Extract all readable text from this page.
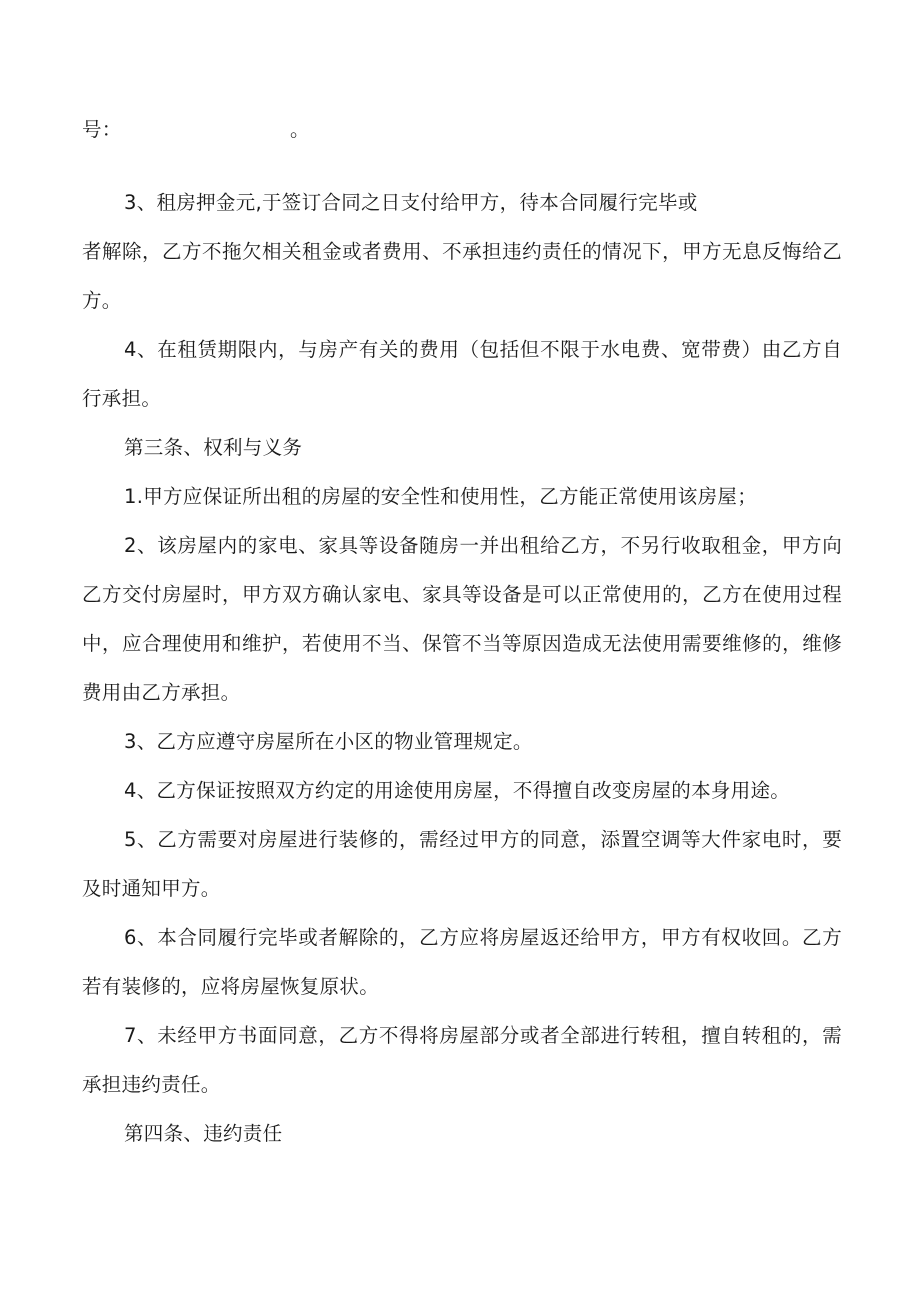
号：　　　　　　　　　。
3、租房押金元,于签订合同之日支付给甲方，待本合同履行完毕或
者解除，乙方不拖欠相关租金或者费用、不承担违约责任的情况下，甲方无息反悔给乙
方。
4、在租赁期限内，与房产有关的费用（包括但不限于水电费、宽带费）由乙方自
行承担。
第三条、权利与义务
1.甲方应保证所出租的房屋的安全性和使用性，乙方能正常使用该房屋；
2、该房屋内的家电、家具等设备随房一并出租给乙方，不另行收取租金，甲方向
乙方交付房屋时，甲方双方确认家电、家具等设备是可以正常使用的，乙方在使用过程
中，应合理使用和维护，若使用不当、保管不当等原因造成无法使用需要维修的，维修
费用由乙方承担。
3、乙方应遵守房屋所在小区的物业管理规定。
4、乙方保证按照双方约定的用途使用房屋，不得擅自改变房屋的本身用途。
5、乙方需要对房屋进行装修的，需经过甲方的同意，添置空调等大件家电时，要
及时通知甲方。
6、本合同履行完毕或者解除的，乙方应将房屋返还给甲方，甲方有权收回。乙方
若有装修的，应将房屋恢复原状。
7、未经甲方书面同意，乙方不得将房屋部分或者全部进行转租，擅自转租的，需
承担违约责任。
第四条、违约责任
